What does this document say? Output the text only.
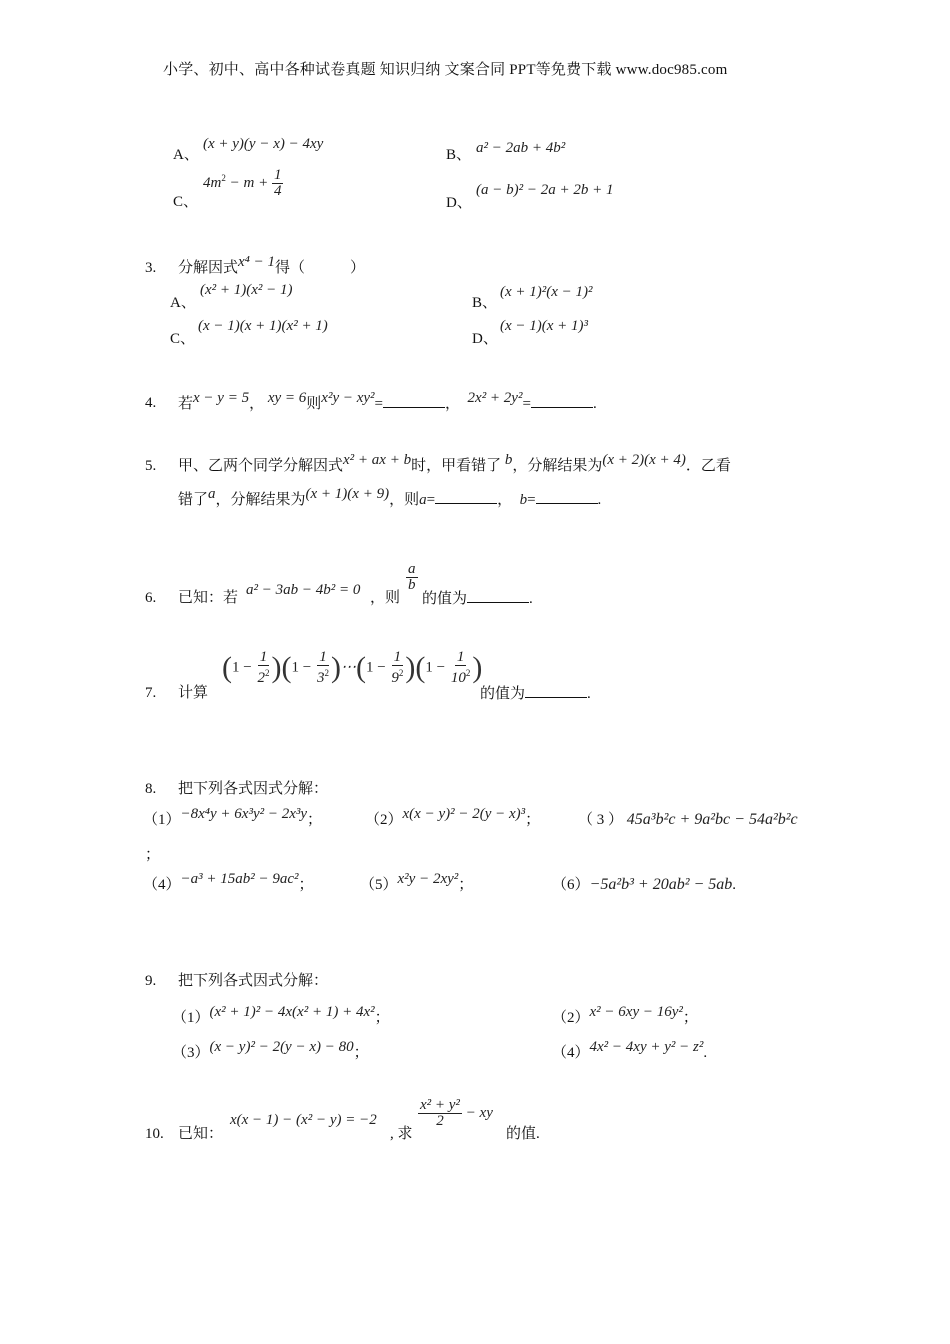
小学、初中、高中各种试卷真题 知识归纳 文案合同 PPT等免费下载 www.doc985.com
A、
(x + y)(y − x) − 4xy
B、 a² − 2ab + 4b²
C、
$4m^2 - m + \frac{1}{4}$
D、
(a − b)² − 2a + 2b + 1
3. 分解因式x⁴ − 1得（　　　）
A、
(x² + 1)(x² − 1)
B、
(x + 1)²(x − 1)²
C、
(x − 1)(x + 1)(x² + 1)
D、
(x − 1)(x + 1)³
4. 若x − y = 5， xy = 6则x²y − xy²=	， 2x² + 2y²=	.
5. 甲、乙两个同学分解因式x² + ax + b时，甲看错了 b，分解结果为(x + 2)(x + 4)．乙看
错了a，分解结果为(x + 1)(x + 9)，则a=	， b=	.
6. 已知：若 a² − 3ab − 4b² = 0 ，则
$\frac{a}{b}$
的值为	.
7. 计算
$(1 - \frac{1}{2^2} )(1 - \frac{1}{3^2}$ )⋯(1 − $\frac{1}{9^2} )(1 - \frac{1}{10^2}$ )
的值为	.
8. 把下列各式因式分解：
（1）−8x⁴y + 6x³y² − 2x³y；	（2）x(x − y)² − 2(y − x)³；	（ 3 ） 45a³b²c + 9a²bc − 54a²b²c
；
（4）−a³ + 15ab² − 9ac²；	（5）x²y − 2xy²；	（6）−5a²b³ + 20ab² − 5ab.
9. 把下列各式因式分解：
（1）(x² + 1)² − 4x(x² + 1) + 4x²；	（2）x² − 6xy − 16y²；
（3）(x − y)² − 2(y − x) − 80；	（4）4x² − 4xy + y² − z².
10. 已知：
x(x − 1) − (x² − y) = −2
, 求
$\frac{\text{x² + y²}}{2}$ − xy
的值.
